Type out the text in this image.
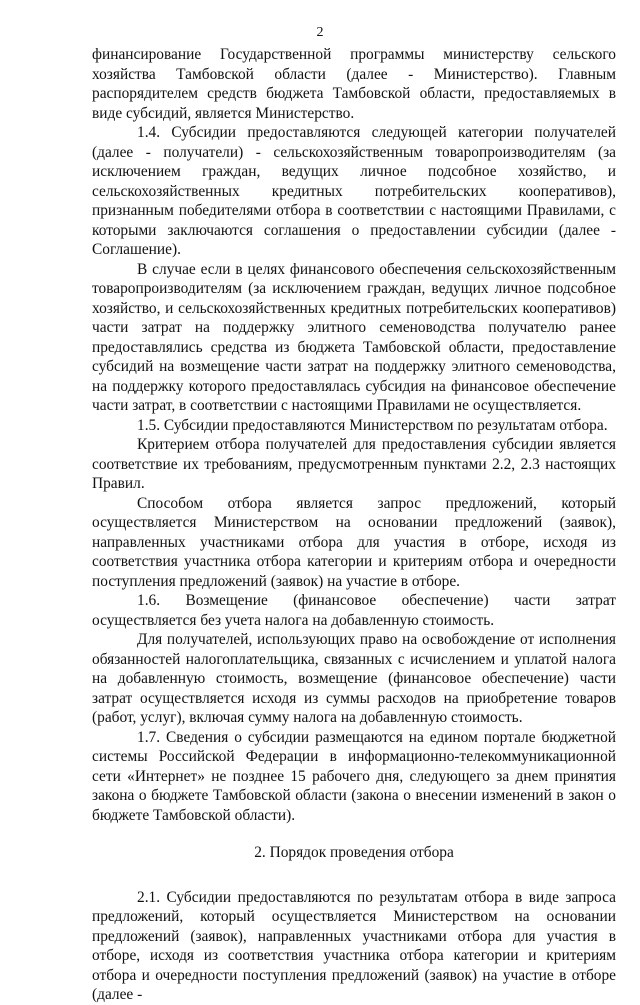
2

финансирование Государственной программы министерству сельского хозяйства Тамбовской области (далее - Министерство). Главным распорядителем средств бюджета Тамбовской области, предоставляемых в виде субсидий, является Министерство.

1.4. Субсидии предоставляются следующей категории получателей (далее - получатели) - сельскохозяйственным товаропроизводителям (за исключением граждан, ведущих личное подсобное хозяйство, и сельскохозяйственных кредитных потребительских кооперативов), признанным победителями отбора в соответствии с настоящими Правилами, с которыми заключаются соглашения о предоставлении субсидии (далее - Соглашение).

В случае если в целях финансового обеспечения сельскохозяйственным товаропроизводителям (за исключением граждан, ведущих личное подсобное хозяйство, и сельскохозяйственных кредитных потребительских кооперативов) части затрат на поддержку элитного семеноводства получателю ранее предоставлялись средства из бюджета Тамбовской области, предоставление субсидий на возмещение части затрат на поддержку элитного семеноводства, на поддержку которого предоставлялась субсидия на финансовое обеспечение части затрат, в соответствии с настоящими Правилами не осуществляется.

1.5. Субсидии предоставляются Министерством по результатам отбора.

Критерием отбора получателей для предоставления субсидии является соответствие их требованиям, предусмотренным пунктами 2.2, 2.3 настоящих Правил.

Способом отбора является запрос предложений, который осуществляется Министерством на основании предложений (заявок), направленных участниками отбора для участия в отборе, исходя из соответствия участника отбора категории и критериям отбора и очередности поступления предложений (заявок) на участие в отборе.

1.6. Возмещение (финансовое обеспечение) части затрат осуществляется без учета налога на добавленную стоимость.

Для получателей, использующих право на освобождение от исполнения обязанностей налогоплательщика, связанных с исчислением и уплатой налога на добавленную стоимость, возмещение (финансовое обеспечение) части затрат осуществляется исходя из суммы расходов на приобретение товаров (работ, услуг), включая сумму налога на добавленную стоимость.

1.7. Сведения о субсидии размещаются на едином портале бюджетной системы Российской Федерации в информационно-телекоммуникационной сети «Интернет» не позднее 15 рабочего дня, следующего за днем принятия закона о бюджете Тамбовской области (закона о внесении изменений в закон о бюджете Тамбовской области).

2. Порядок проведения отбора

2.1. Субсидии предоставляются по результатам отбора в виде запроса предложений, который осуществляется Министерством на основании предложений (заявок), направленных участниками отбора для участия в отборе, исходя из соответствия участника отбора категории и критериям отбора и очередности поступления предложений (заявок) на участие в отборе (далее -
